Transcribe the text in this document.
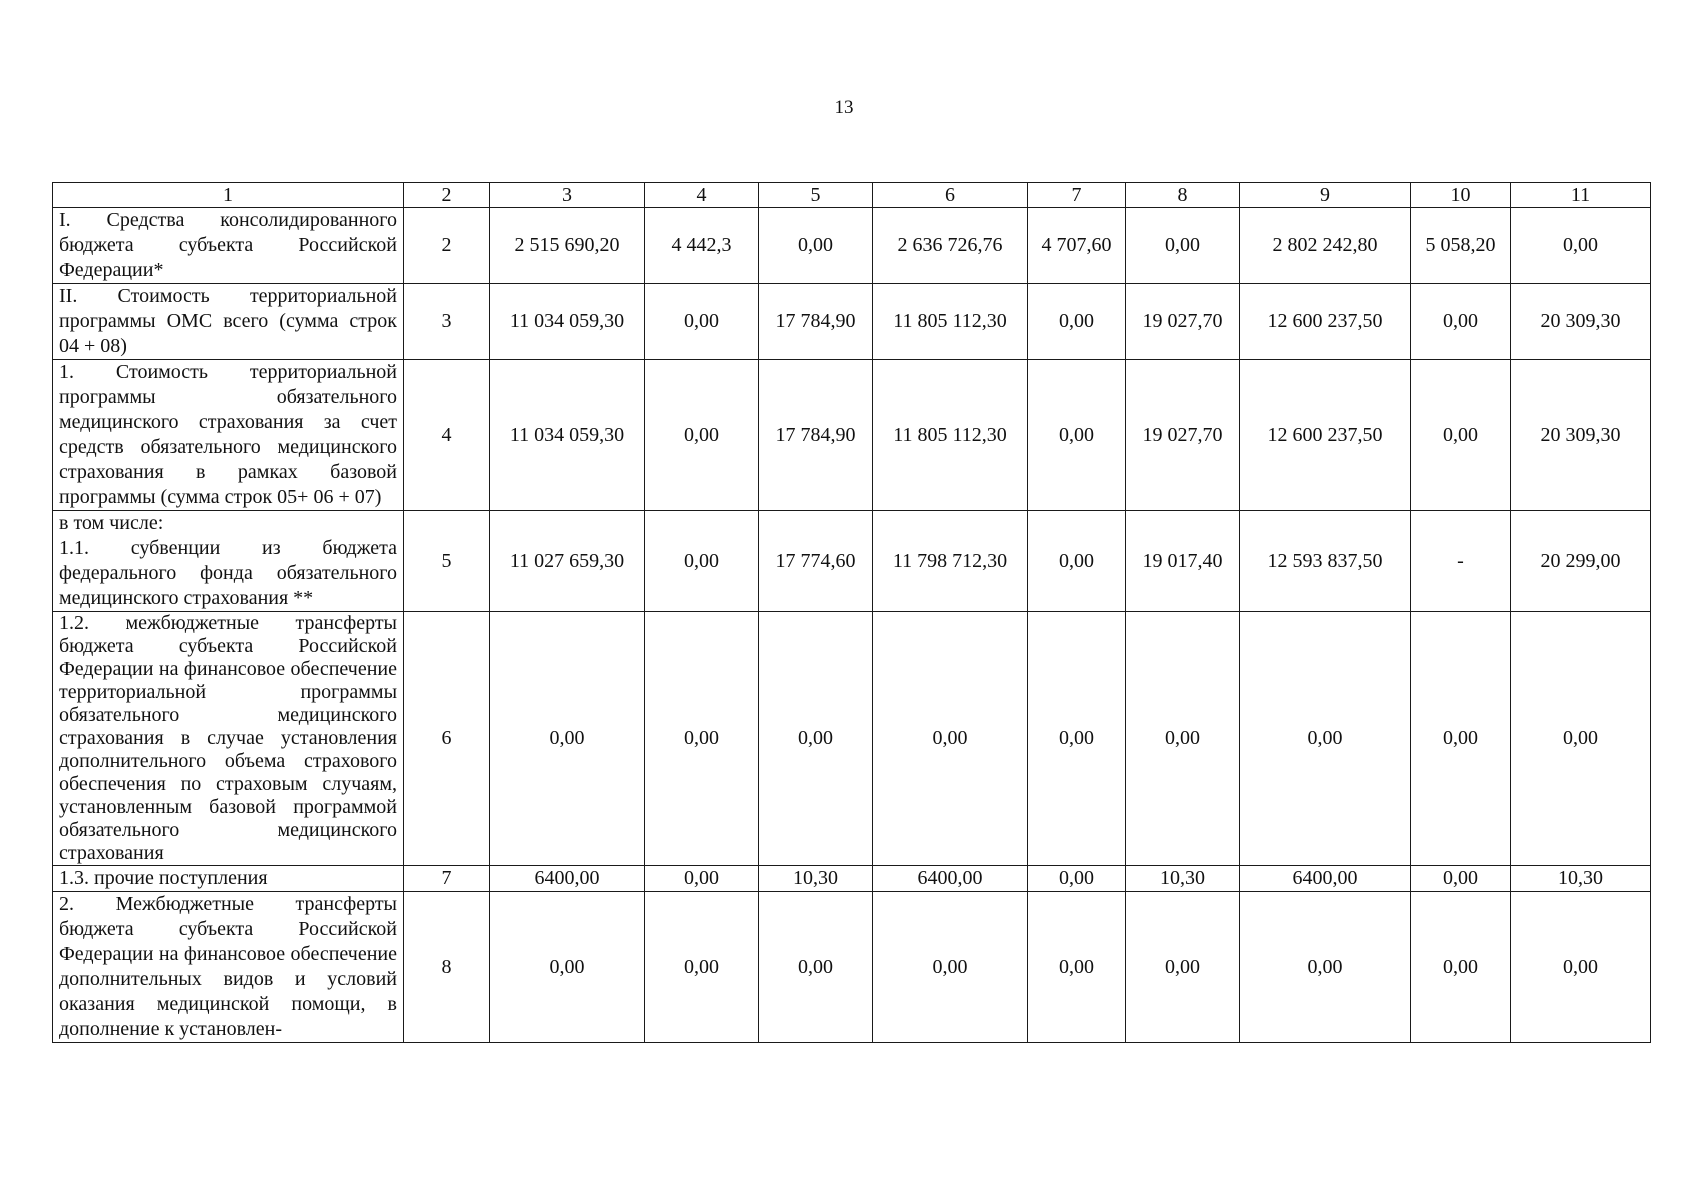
13
1	2	3	4	5	6	7	8	9	10	11
I. Средства консолидированного бюджета субъекта Российской Федерации*	2	2 515 690,20	4 442,3	0,00	2 636 726,76	4 707,60	0,00	2 802 242,80	5 058,20	0,00
II. Стоимость территориальной программы ОМС всего (сумма строк 04 + 08)	3	11 034 059,30	0,00	17 784,90	11 805 112,30	0,00	19 027,70	12 600 237,50	0,00	20 309,30
1. Стоимость территориальной программы обязательного медицинского страхования за счет средств обязательного медицинского страхования в рамках базовой программы (сумма строк 05+ 06 + 07)	4	11 034 059,30	0,00	17 784,90	11 805 112,30	0,00	19 027,70	12 600 237,50	0,00	20 309,30

в том числе:
1.1. субвенции из бюджета федерального фонда обязательного медицинского страхования **	5	11 027 659,30	0,00	17 774,60	11 798 712,30	0,00	19 017,40	12 593 837,50	-	20 299,00
1.2. межбюджетные трансферты бюджета субъекта Российской Федерации на финансовое обеспечение территориальной программы обязательного медицинского страхования в случае установления дополнительного объема страхового обеспечения по страховым случаям, установленным базовой программой обязательного медицинского страхования	6	0,00	0,00	0,00	0,00	0,00	0,00	0,00	0,00	0,00
1.3. прочие поступления	7	6400,00	0,00	10,30	6400,00	0,00	10,30	6400,00	0,00	10,30
2. Межбюджетные трансферты бюджета субъекта Российской Федерации на финансовое обеспечение дополнительных видов и условий оказания медицинской помощи, в дополнение к установлен-	8	0,00	0,00	0,00	0,00	0,00	0,00	0,00	0,00	0,00
